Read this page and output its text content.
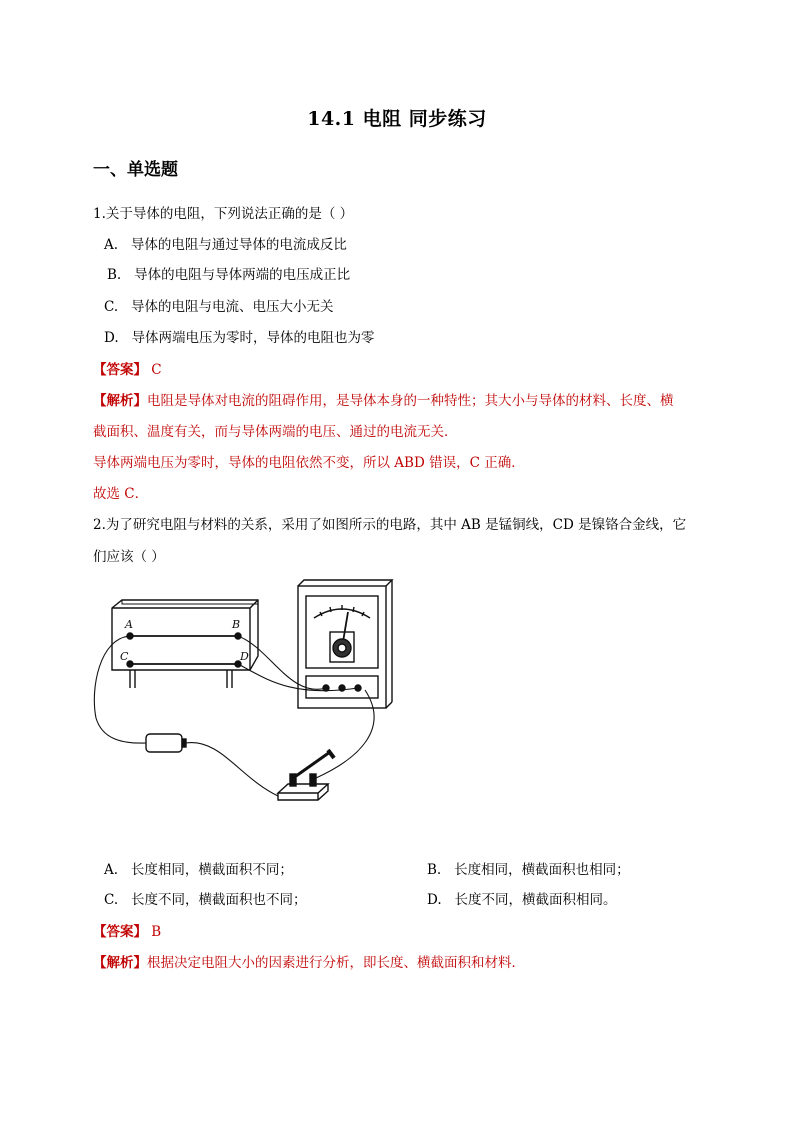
14.1 电阻 同步练习
一、单选题
1.关于导体的电阻，下列说法正确的是（ ）
A. 导体的电阻与通过导体的电流成反比
B. 导体的电阻与导体两端的电压成正比
C. 导体的电阻与电流、电压大小无关
D. 导体两端电压为零时，导体的电阻也为零
【答案】 C
【解析】电阻是导体对电流的阻碍作用，是导体本身的一种特性；其大小与导体的材料、长度、横
截面积、温度有关，而与导体两端的电压、通过的电流无关．
导体两端电压为零时，导体的电阻依然不变，所以 ABD 错误，C 正确．
故选 C．
2.为了研究电阻与材料的关系，采用了如图所示的电路，其中 AB 是锰铜线，CD 是镍铬合金线，它
们应该（ ）
A	B
C	D
A. 长度相同，横截面积不同；	B. 长度相同，横截面积也相同；
C. 长度不同，横截面积也不同；	D. 长度不同，横截面积相同。
【答案】 B
【解析】根据决定电阻大小的因素进行分析，即长度、横截面积和材料．
